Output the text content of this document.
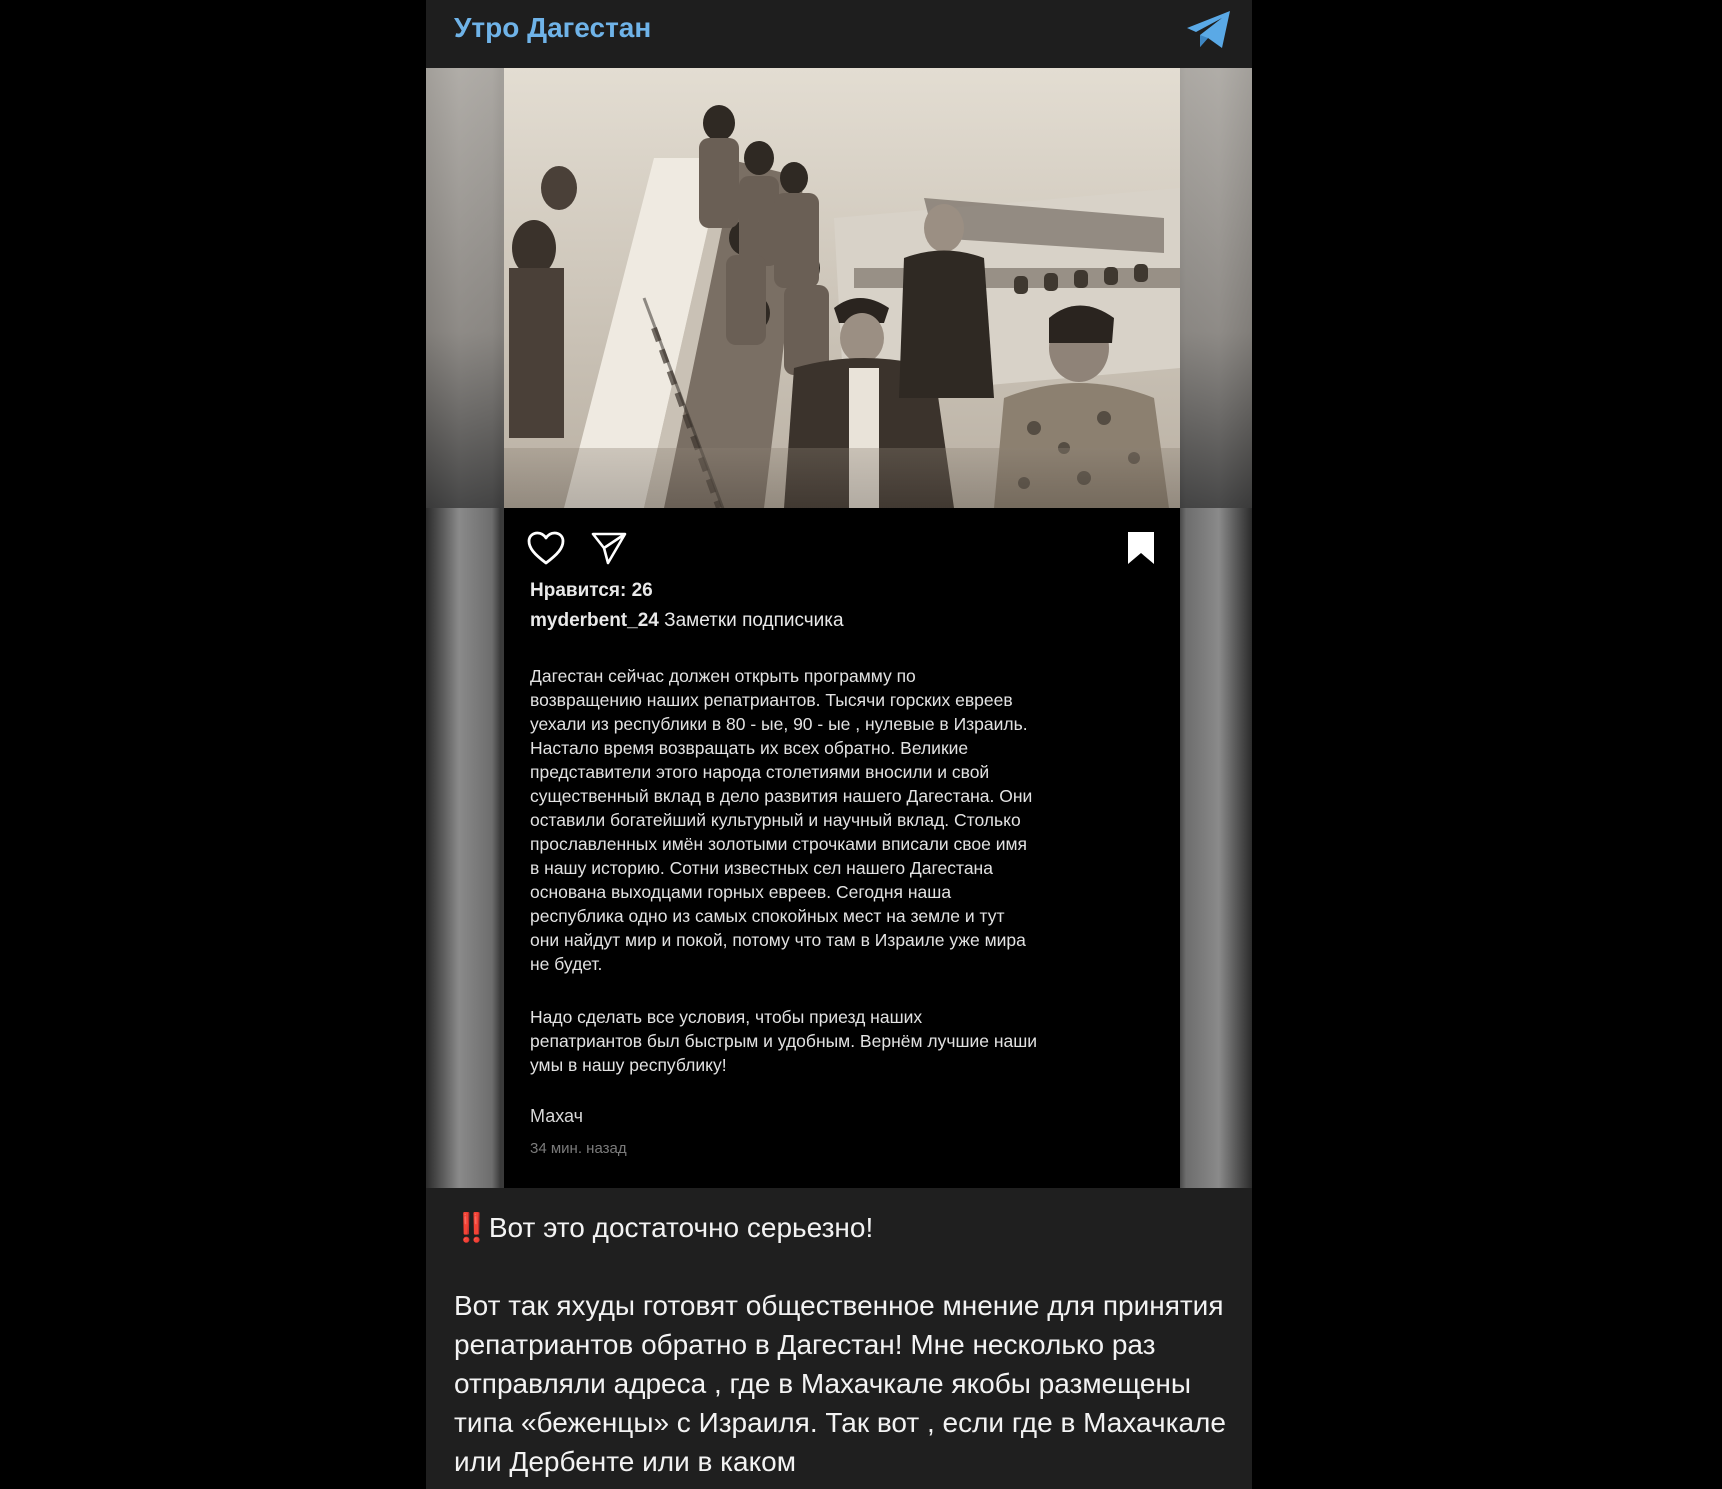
Утро Дагестан
Нравится: 26
myderbent_24 Заметки подписчика

Дагестан сейчас должен открыть программу по
возвращению наших репатриантов. Тысячи горских евреев
уехали из республики в 80 - ые, 90 - ые , нулевые в Израиль.
Настало время возвращать их всех обратно. Великие
представители этого народа столетиями вносили и свой
существенный вклад в дело развития нашего Дагестана. Они
оставили богатейший культурный и научный вклад. Столько
прославленных имён золотыми строчками вписали свое имя
в нашу историю. Сотни известных сел нашего Дагестана
основана выходцами горных евреев. Сегодня наша
республика одно из самых спокойных мест на земле и тут
они найдут мир и покой, потому что там в Израиле уже мира
не будет.

Надо сделать все условия, чтобы приезд наших
репатриантов был быстрым и удобным. Вернём лучшие наши
умы в нашу республику!

Махач
34 мин. назад
‼️Вот это достаточно серьезно!
Вот так яхуды готовят общественное мнение для принятия репатриантов обратно в Дагестан! Мне несколько раз отправляли адреса , где в Махачкале якобы размещены типа «беженцы» с Израиля. Так вот , если где в Махачкале или Дербенте или в каком
